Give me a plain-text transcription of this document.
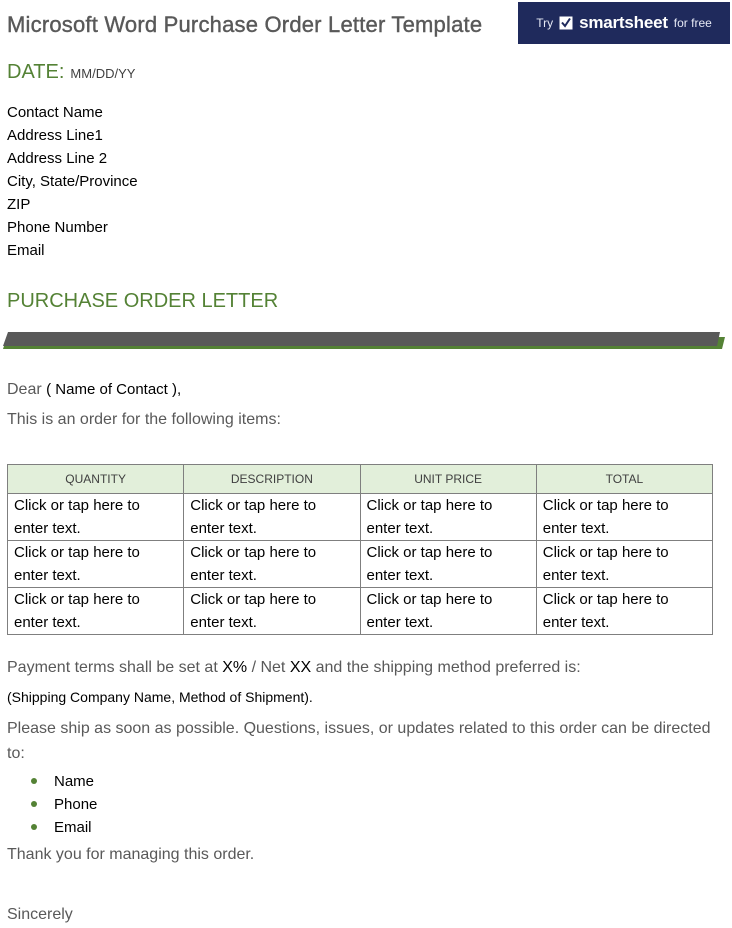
Microsoft Word Purchase Order Letter Template	Try smartsheet for free
DATE: MM/DD/YY
Contact Name
Address Line1
Address Line 2
City, State/Province
ZIP
Phone Number
Email
PURCHASE ORDER LETTER
Dear ( Name of Contact ),
This is an order for the following items:
QUANTITY	DESCRIPTION	UNIT PRICE	TOTAL
Click or tap here to enter text.	Click or tap here to enter text.	Click or tap here to enter text.	Click or tap here to enter text.
Click or tap here to enter text.	Click or tap here to enter text.	Click or tap here to enter text.	Click or tap here to enter text.
Click or tap here to enter text.	Click or tap here to enter text.	Click or tap here to enter text.	Click or tap here to enter text.
Payment terms shall be set at X% / Net XX and the shipping method preferred is:
(Shipping Company Name, Method of Shipment).
Please ship as soon as possible. Questions, issues, or updates related to this order can be directed to:
Name
Phone
Email
Thank you for managing this order.
Sincerely
